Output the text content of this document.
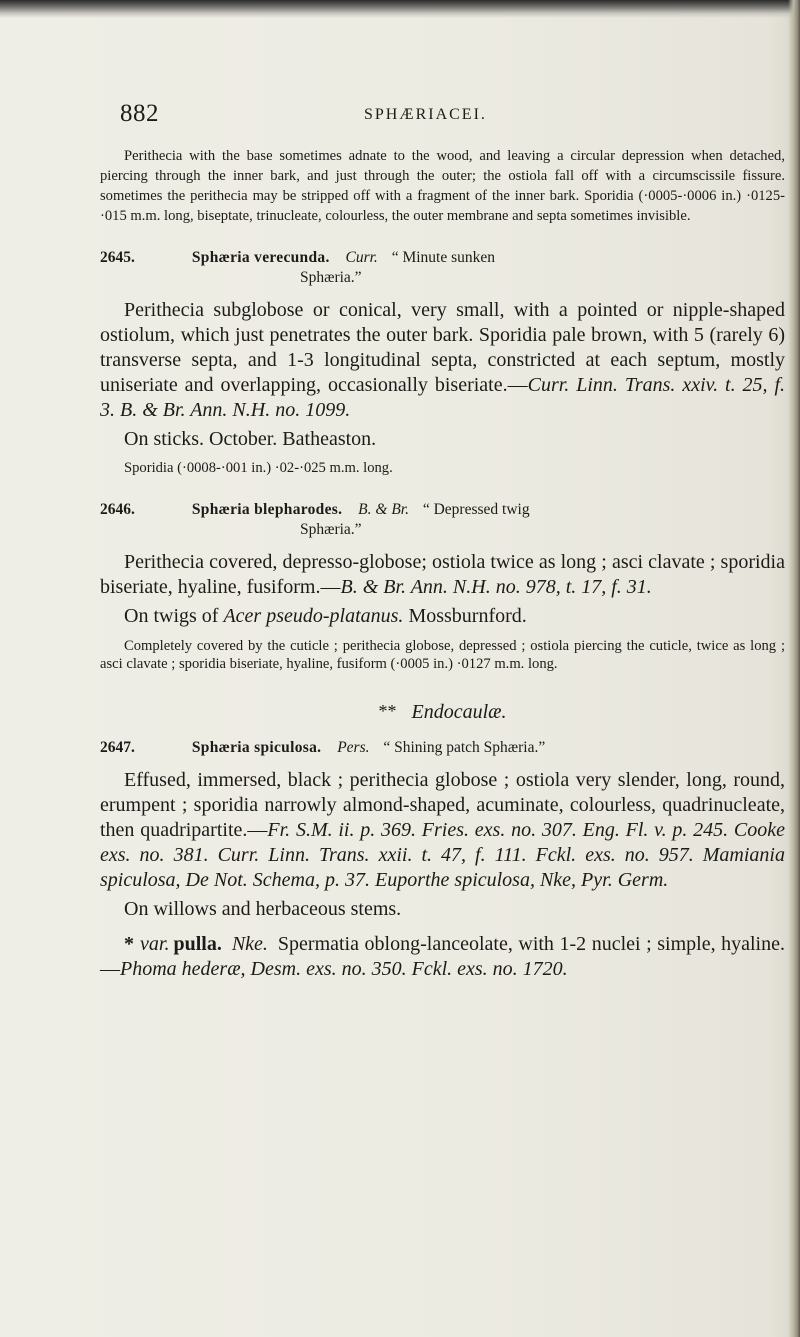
882	SPHÆRIACEI.

Perithecia with the base sometimes adnate to the wood, and leaving a circular depression when detached, piercing through the inner bark, and just through the outer; the ostiola fall off with a circumscissile fissure. sometimes the perithecia may be stripped off with a fragment of the inner bark. Sporidia (·0005-·0006 in.) ·0125-·015 m.m. long, biseptate, trinucleate, colourless, the outer membrane and septa sometimes invisible.

2645.	Sphæria verecunda. Curr. “ Minute sunken
Sphæria.”

Perithecia subglobose or conical, very small, with a pointed or nipple-shaped ostiolum, which just penetrates the outer bark. Sporidia pale brown, with 5 (rarely 6) transverse septa, and 1-3 longitudinal septa, constricted at each septum, mostly uniseriate and overlapping, occasionally biseriate.—Curr. Linn. Trans. xxiv. t. 25, f. 3. B. & Br. Ann. N.H. no. 1099.

On sticks. October. Batheaston.

Sporidia (·0008-·001 in.) ·02-·025 m.m. long.

2646.	Sphæria blepharodes. B. & Br. “ Depressed twig
Sphæria.”

Perithecia covered, depresso-globose; ostiola twice as long ; asci clavate ; sporidia biseriate, hyaline, fusiform.—B. & Br. Ann. N.H. no. 978, t. 17, f. 31.

On twigs of Acer pseudo-platanus. Mossburnford.

Completely covered by the cuticle ; perithecia globose, depressed ; ostiola piercing the cuticle, twice as long ; asci clavate ; sporidia biseriate, hyaline, fusiform (·0005 in.) ·0127 m.m. long.

** Endocaulæ.
2647.	Sphæria spiculosa. Pers. “ Shining patch Sphæria.”

Effused, immersed, black ; perithecia globose ; ostiola very slender, long, round, erumpent ; sporidia narrowly almond-shaped, acuminate, colourless, quadrinucleate, then quadripartite.—Fr. S.M. ii. p. 369. Fries. exs. no. 307. Eng. Fl. v. p. 245. Cooke exs. no. 381. Curr. Linn. Trans. xxii. t. 47, f. 111. Fckl. exs. no. 957. Mamiania spiculosa, De Not. Schema, p. 37. Euporthe spiculosa, Nke, Pyr. Germ.

On willows and herbaceous stems.

* var. pulla. Nke. Spermatia oblong-lanceolate, with 1-2 nuclei ; simple, hyaline.—Phoma hederæ, Desm. exs. no. 350. Fckl. exs. no. 1720.
